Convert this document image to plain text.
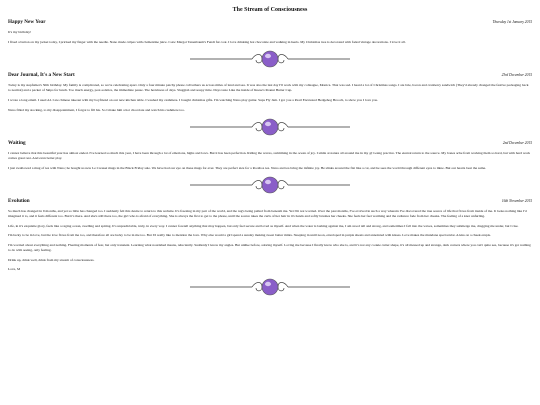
The Stream of Consciousness
Happy New Year	Thursday 1st January 2015

It's my birthday!

I fixed a button on my jacket today, I pricked my finger with the needle. Nano made crêpes with clementine juice. I saw Margot Tenenbaum's Fendi fur coat. I love drinking hot chocolate and walking in heels. My Christmas tree is decorated with faded vintage decorations. I love it all.

Dear Journal, It's a New Start	23rd December 2015

Today is my stepfather's 50th birthday. My family is complicated, so we're celebrating apart. Only a four minute patchy phone call tethers us across miles of land and sea. It was also the last day I'll work with my colleague, Monica. That was sad. I heard a lot of Christmas songs. I ate brie, bacon and cranberry sandwich (They'd already changed the festive packaging back to normal) and a packet of Skips for lunch. Too much energy, post-solstice, the immediate pause. The heaviness of days. Sluggish and soupy time. Days taste Like the inside of Reese's Peanut Butter Cup.

I wrote a long email. I used AI. I ate chinese takeout with my boyfriend on our new kitchen table. I washed my cashmere. I bought christmas gifts. I'm watching Nano play guitar. Sups Fly Jam. I got you a Pearl Encrusted Hedgehog Brooch, to show you I love you.

Nano filled my stocking, to my disappointment, I forgot to fill his. So I make him a hot chocolate and watch his cashmere too.

Waiting	2nd December 2015

I cannot believe that this beautiful year has almost ended. I've learned so much this year, I have been through a lot of emotions, highs and lows. But it has been perfection. Riding the waves, swimming in the ocean of joy. I smile at nature all around me in my @ Going practice. The eternal return to the source. My bones ache from working them so hard, but with hard work comes great rest. And even better play.

I just swallowed a mug of tea with Nano; he bought us new Le Creuset mugs in the Black Friday sale. We have had our eye on these mugs for ever. They are perfect size for a Rooibos tea. Nano and tea bring me infinite joy. He slinks around the flat like a cat, and he sees the world through different eyes to mine. But our hearts beat the same.

Evolution	16th November 2015

So much has changed in 9 months, and yet so little has changed too. I suddenly felt this desire to return to this website. It's freezing in my part of the world, and the rug's being pulled from beneath me. Yet I'm not worried. Over the past months, I've evolved in such a way wherein I've discovered the true source of life that flows from inside of me. It looks nothing like I'd imagined it to, and it feels different too. But it's there. And she's still there too, the girl who is afraid of everything. She is always the first to get to the phone, until the source takes the curls of her hair in it's hands and softly brushes her cheeks. She feels her feet warming and the radiance fade from her cheeks. The feeling of a knot unfurling.

Life, in it's exquisite glory, feels like a raging ocean, swelling and spiring. It's unpredictable, truly, in every way. I cannot foretell anything that may happen, but only feel secure and loved as myself. And when the water is lashing against me, I am stood tall and strong, and sometimes I fall into the waves, sometimes they submerge me, dragging me under, but I rise.

I'm lucky to be in love, but the love flows from me too, and therefore all are lucky to be in me too. But I'd really like to mention the love. Why else would a girl spend a sunday making sweet butter mints. Sleeping in until noon, enveloped in purple sheets and annointed with kisses. Love makes the mundane spectacular. A kiss on a cheek erupts.

I'm worried about everything and nothing. Fleeting moments of fear, but only transient. Learning what nourished means, reluctantly. Suddenly I know my angles. But unlike before, adoring myself. Loving me because I finally know who she is, and it's not any cookie cutter shape, it's all messed up and strange, dark corners where you can't quite see, because it's got nothing to do with seeing, only feeling.

Drink up, drink well, drink from my stream of consciousness.

Love, M
